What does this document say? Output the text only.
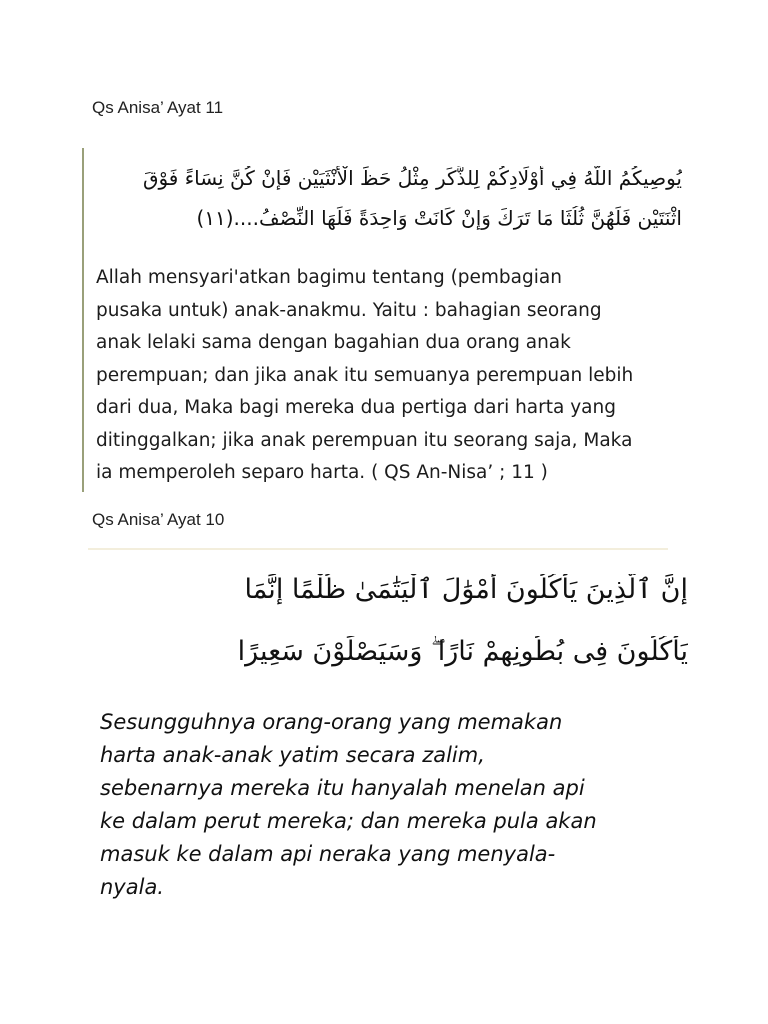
Qs Anisa’ Ayat 11
يُوصِيكُمُ اللَّهُ فِي أَوْلَادِكُمْ لِلذَّكَرِ مِثْلُ حَظِّ الْأُنْثَيَيْنِ فَإِنْ كُنَّ نِسَاءً فَوْقَ
اثْنَتَيْنِ فَلَهُنَّ ثُلُثَا مَا تَرَكَ وَإِنْ كَانَتْ وَاحِدَةً فَلَهَا النِّصْفُ....(١١)
Allah mensyari'atkan bagimu tentang (pembagian
pusaka untuk) anak-anakmu. Yaitu : bahagian seorang
anak lelaki sama dengan bagahian dua orang anak
perempuan; dan jika anak itu semuanya perempuan lebih
dari dua, Maka bagi mereka dua pertiga dari harta yang
ditinggalkan; jika anak perempuan itu seorang saja, Maka
ia memperoleh separo harta. ( QS An-Nisa’ ; 11 )
Qs Anisa’ Ayat 10
إِنَّ ٱلَّذِينَ يَأْكُلُونَ أَمْوَٰلَ ٱلْيَتَٰمَىٰ ظُلْمًا إِنَّمَا
يَأْكُلُونَ فِى بُطُونِهِمْ نَارًا ۖ وَسَيَصْلَوْنَ سَعِيرًا
Sesungguhnya orang-orang yang memakan
harta anak-anak yatim secara zalim,
sebenarnya mereka itu hanyalah menelan api
ke dalam perut mereka; dan mereka pula akan
masuk ke dalam api neraka yang menyala-
nyala.
